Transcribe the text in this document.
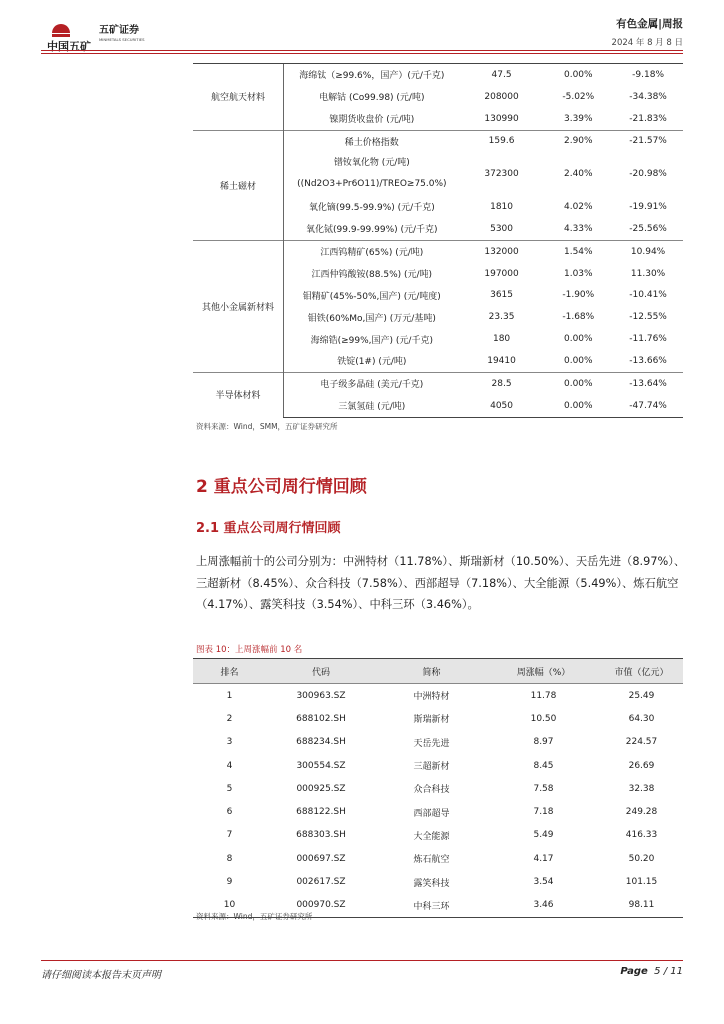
中国五矿
五矿证券
MINMETALS SECURITIES
有色金属|周报
2024 年 8 月 8 日
航空航天材料	海绵钛（≥99.6%，国产）(元/千克)	47.5	0.00%	-9.18%

	电解钴 (Co99.98) (元/吨)	208000	-5.02%	-34.38%

	镍期货收盘价 (元/吨)	130990	3.39%	-21.83%
稀土磁材	稀土价格指数	159.6	2.90%	-21.57%

	镨钕氧化物 (元/吨)
((Nd2O3+Pr6O11)/TREO≥75.0%)	372300	2.40%	-20.98%

	氧化镝(99.5-99.9%) (元/千克)	1810	4.02%	-19.91%

	氧化铽(99.9-99.99%) (元/千克)	5300	4.33%	-25.56%
其他小金属新材料	江西钨精矿(65%) (元/吨)	132000	1.54%	10.94%

	江西仲钨酸铵(88.5%) (元/吨)	197000	1.03%	11.30%

	钼精矿(45%-50%,国产) (元/吨度)	3615	-1.90%	-10.41%

	钼铁(60%Mo,国产) (万元/基吨)	23.35	-1.68%	-12.55%

	海绵锆(≥99%,国产) (元/千克)	180	0.00%	-11.76%

	铁锭(1#) (元/吨)	19410	0.00%	-13.66%
半导体材料	电子级多晶硅 (美元/千克)	28.5	0.00%	-13.64%

	三氯氢硅 (元/吨)	4050	0.00%	-47.74%
资料来源：Wind，SMM，五矿证券研究所
2 重点公司周行情回顾
2.1 重点公司周行情回顾
上周涨幅前十的公司分别为：中洲特材（11.78%）、斯瑞新材（10.50%）、天岳先进（8.97%）、三超新材（8.45%）、众合科技（7.58%）、西部超导（7.18%）、大全能源（5.49%）、炼石航空（4.17%）、露笑科技（3.54%）、中科三环（3.46%）。
图表 10：上周涨幅前 10 名
排名	代码	简称	周涨幅（%）	市值（亿元）
1	300963.SZ	中洲特材	11.78	25.49
2	688102.SH	斯瑞新材	10.50	64.30
3	688234.SH	天岳先进	8.97	224.57
4	300554.SZ	三超新材	8.45	26.69
5	000925.SZ	众合科技	7.58	32.38
6	688122.SH	西部超导	7.18	249.28
7	688303.SH	大全能源	5.49	416.33
8	000697.SZ	炼石航空	4.17	50.20
9	002617.SZ	露笑科技	3.54	101.15
10	000970.SZ	中科三环	3.46	98.11
资料来源：Wind，五矿证券研究所
请仔细阅读本报告末页声明	Page 5 / 11
